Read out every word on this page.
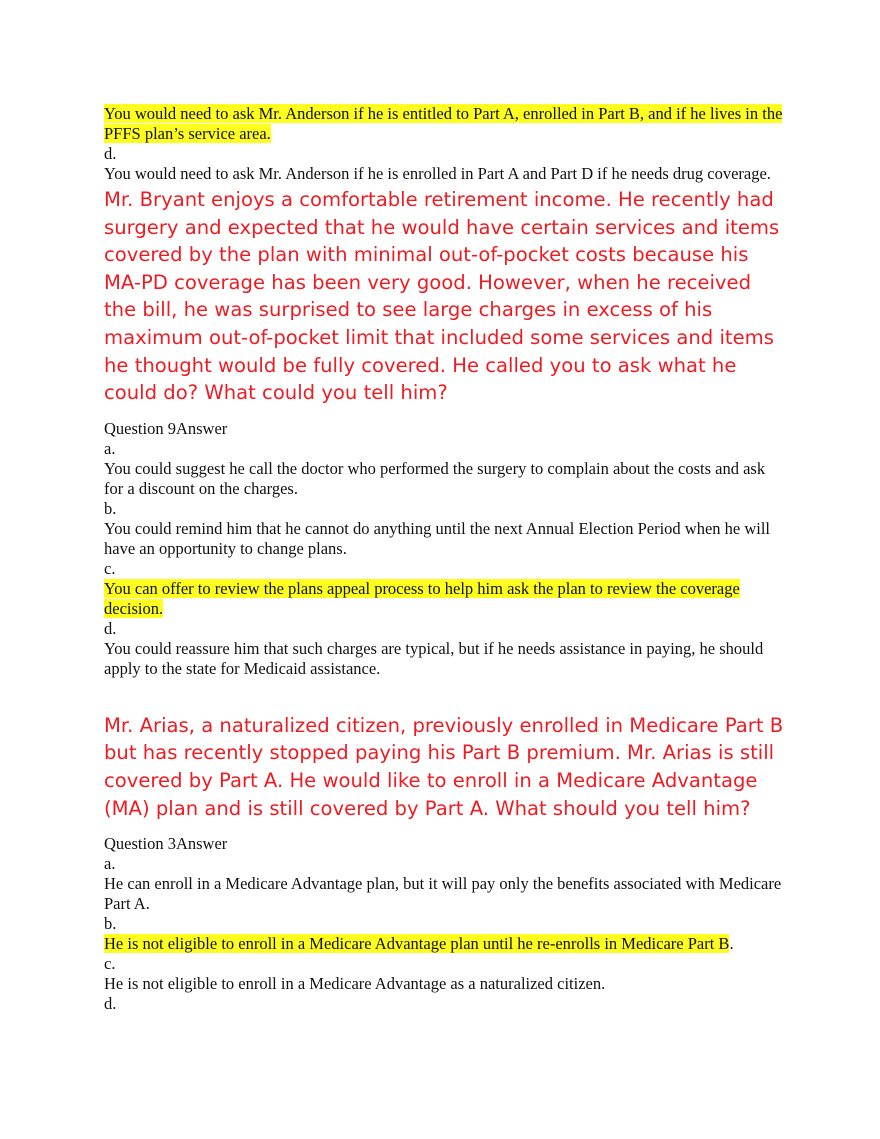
You would need to ask Mr. Anderson if he is entitled to Part A, enrolled in Part B, and if he lives in the PFFS plan’s service area.

d.

You would need to ask Mr. Anderson if he is enrolled in Part A and Part D if he needs drug coverage.

Mr. Bryant enjoys a comfortable retirement income. He recently had surgery and expected that he would have certain services and items covered by the plan with minimal out-of-pocket costs because his MA-PD coverage has been very good. However, when he received the bill, he was surprised to see large charges in excess of his maximum out-of-pocket limit that included some services and items he thought would be fully covered. He called you to ask what he could do? What could you tell him?

Question 9Answer

a.

You could suggest he call the doctor who performed the surgery to complain about the costs and ask for a discount on the charges.

b.

You could remind him that he cannot do anything until the next Annual Election Period when he will have an opportunity to change plans.

c.

You can offer to review the plans appeal process to help him ask the plan to review the coverage decision.

d.

You could reassure him that such charges are typical, but if he needs assistance in paying, he should apply to the state for Medicaid assistance.

Mr. Arias, a naturalized citizen, previously enrolled in Medicare Part B but has recently stopped paying his Part B premium. Mr. Arias is still covered by Part A. He would like to enroll in a Medicare Advantage (MA) plan and is still covered by Part A. What should you tell him?

Question 3Answer

a.

He can enroll in a Medicare Advantage plan, but it will pay only the benefits associated with Medicare Part A.

b.

He is not eligible to enroll in a Medicare Advantage plan until he re-enrolls in Medicare Part B.

c.

He is not eligible to enroll in a Medicare Advantage as a naturalized citizen.

d.
